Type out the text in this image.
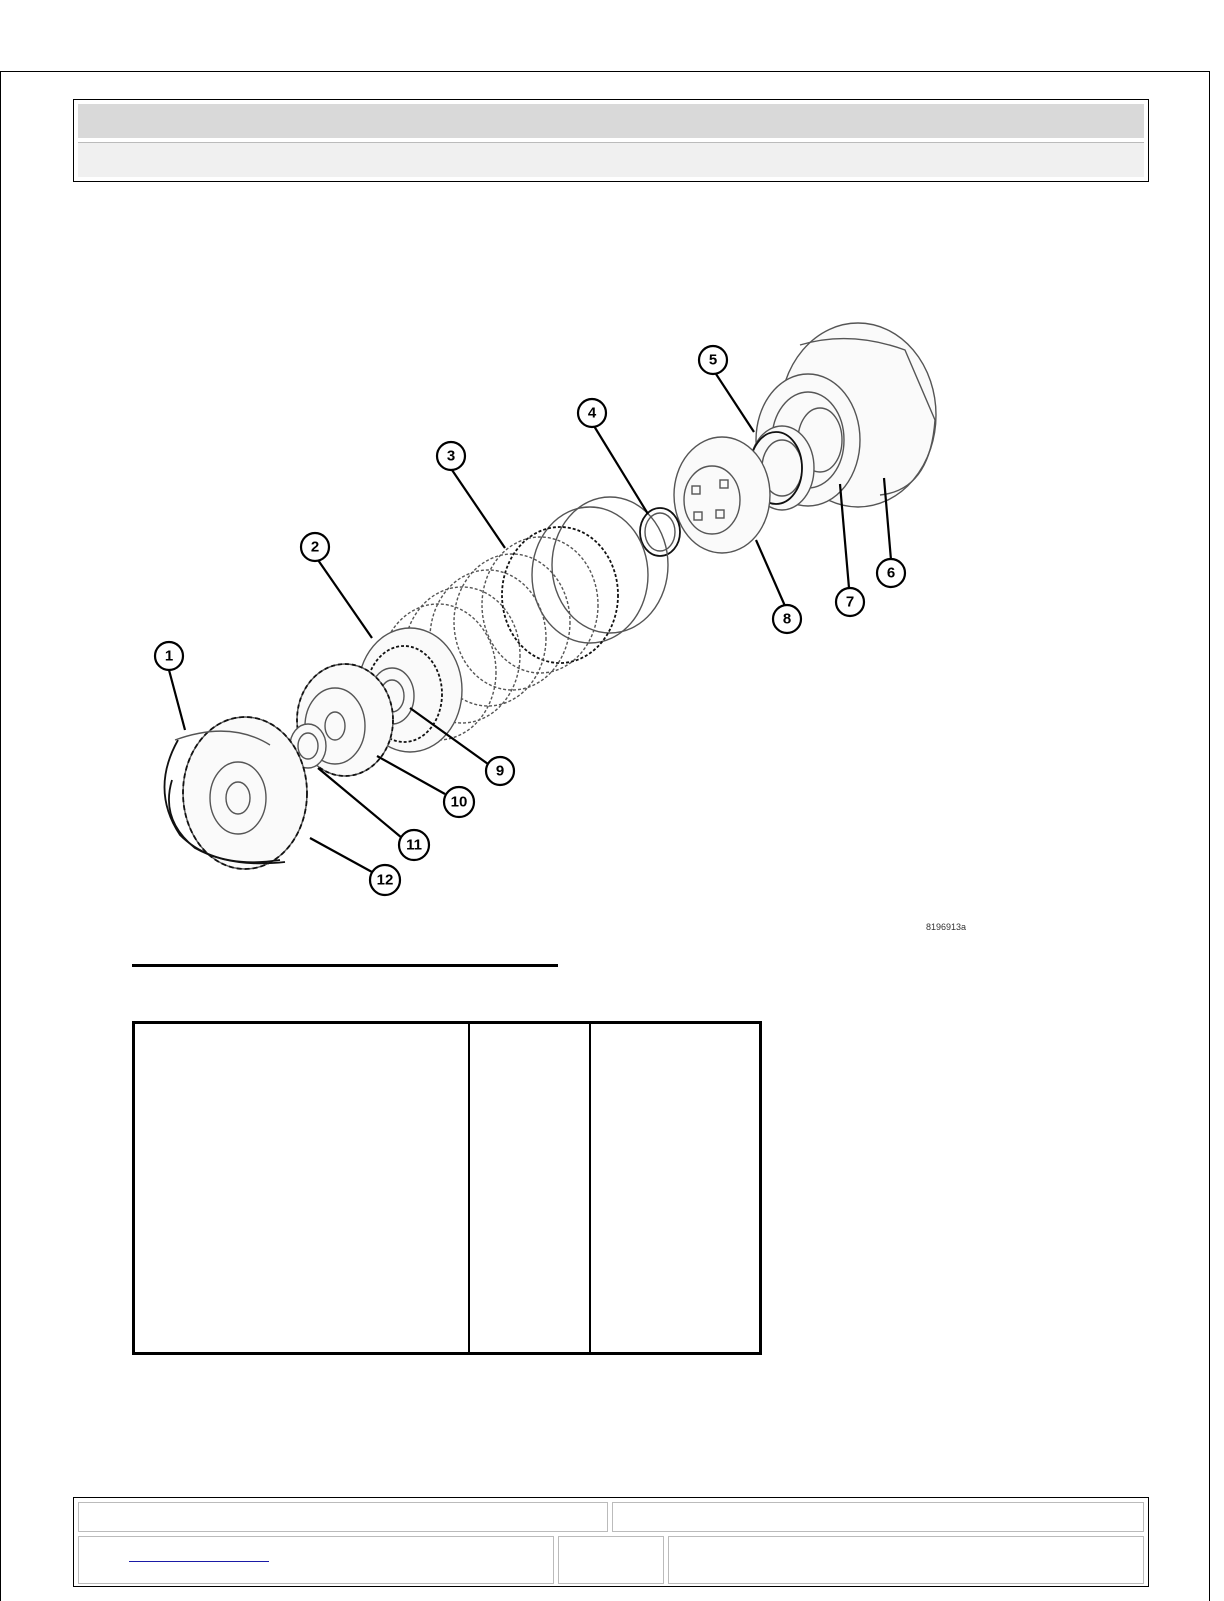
1
2
3
4
5
6
7
8
9
10
11
12
8196913a
